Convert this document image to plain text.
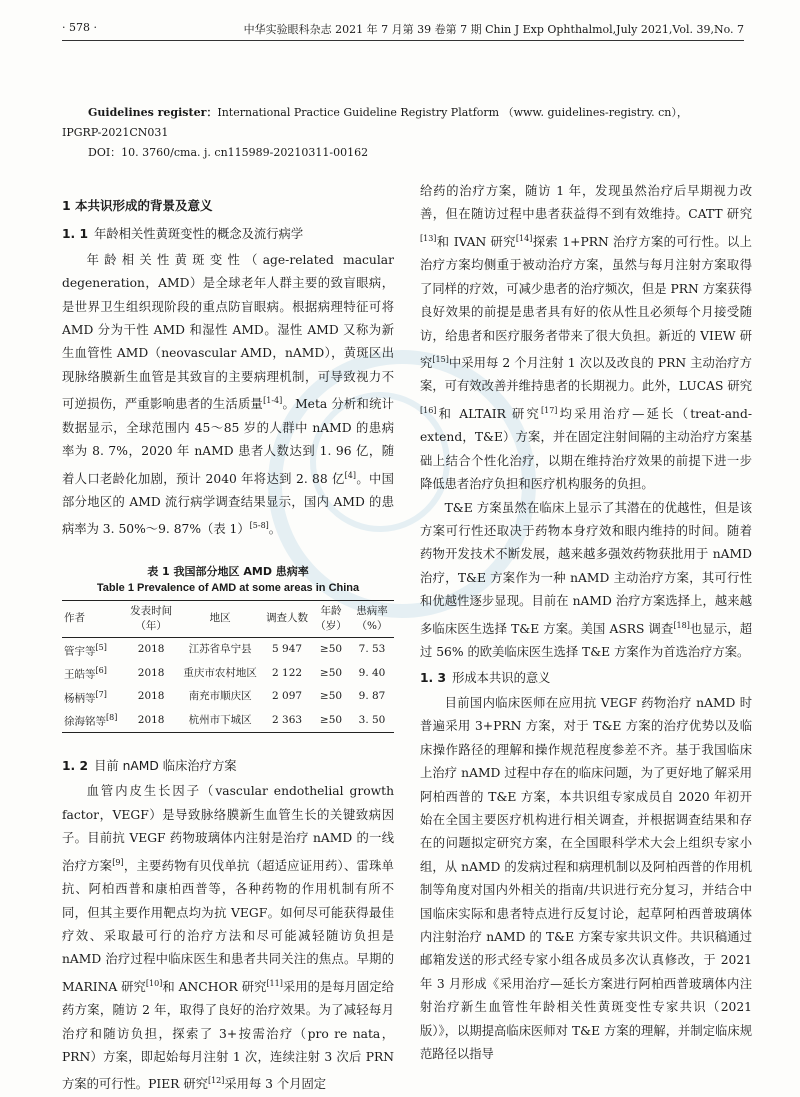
· 578 ·	中华实验眼科杂志 2021 年 7 月第 39 卷第 7 期 Chin J Exp Ophthalmol,July 2021,Vol. 39,No. 7
Guidelines register：International Practice Guideline Registry Platform （www. guidelines-registry. cn），
IPGRP-2021CN031
DOI：10. 3760/cma. j. cn115989-20210311-00162
1 本共识形成的背景及意义
1. 1 年龄相关性黄斑变性的概念及流行病学

年龄相关性黄斑变性（age-related macular degeneration，AMD）是全球老年人群主要的致盲眼病，是世界卫生组织现阶段的重点防盲眼病。根据病理特征可将 AMD 分为干性 AMD 和湿性 AMD。湿性 AMD 又称为新生血管性 AMD（neovascular AMD，nAMD），黄斑区出现脉络膜新生血管是其致盲的主要病理机制，可导致视力不可逆损伤，严重影响患者的生活质量[1-4]。Meta 分析和统计数据显示，全球范围内 45～85 岁的人群中 nAMD 的患病率为 8. 7%，2020 年 nAMD 患者人数达到 1. 96 亿，随着人口老龄化加剧，预计 2040 年将达到 2. 88 亿[4]。中国部分地区的 AMD 流行病学调查结果显示，国内 AMD 的患病率为 3. 50%～9. 87%（表 1）[5-8]。

表 1 我国部分地区 AMD 患病率
Table 1 Prevalence of AMD at some areas in China
作者	发表时间（年）	地区	调查人数	年龄（岁）	患病率（%）
管宇等[5]	2018	江苏省阜宁县	5 947	≥50	7. 53
王皓等[6]	2018	重庆市农村地区	2 122	≥50	9. 40
杨柄等[7]	2018	南充市顺庆区	2 097	≥50	9. 87
徐海铭等[8]	2018	杭州市下城区	2 363	≥50	3. 50
1. 2 目前 nAMD 临床治疗方案

血管内皮生长因子（vascular endothelial growth factor，VEGF）是导致脉络膜新生血管生长的关键致病因子。目前抗 VEGF 药物玻璃体内注射是治疗 nAMD 的一线治疗方案[9]，主要药物有贝伐单抗（超适应证用药）、雷珠单抗、阿柏西普和康柏西普等，各种药物的作用机制有所不同，但其主要作用靶点均为抗 VEGF。如何尽可能获得最佳疗效、采取最可行的治疗方法和尽可能减轻随访负担是 nAMD 治疗过程中临床医生和患者共同关注的焦点。早期的 MARINA 研究[10]和 ANCHOR 研究[11]采用的是每月固定给药方案，随访 2 年，取得了良好的治疗效果。为了减轻每月治疗和随访负担，探索了 3+按需治疗（pro re nata，PRN）方案，即起始每月注射 1 次，连续注射 3 次后 PRN 方案的可行性。PIER 研究[12]采用每 3 个月固定

给药的治疗方案，随访 1 年，发现虽然治疗后早期视力改善，但在随访过程中患者获益得不到有效维持。CATT 研究[13]和 IVAN 研究[14]探索 1+PRN 治疗方案的可行性。以上治疗方案均侧重于被动治疗方案，虽然与每月注射方案取得了同样的疗效，可减少患者的治疗频次，但是 PRN 方案获得良好效果的前提是患者具有好的依从性且必须每个月接受随访，给患者和医疗服务者带来了很大负担。新近的 VIEW 研究[15]中采用每 2 个月注射 1 次以及改良的 PRN 主动治疗方案，可有效改善并维持患者的长期视力。此外，LUCAS 研究[16]和 ALTAIR 研究[17]均采用治疗—延长（treat-and-extend，T&E）方案，并在固定注射间隔的主动治疗方案基础上结合个性化治疗，以期在维持治疗效果的前提下进一步降低患者治疗负担和医疗机构服务的负担。

T&E 方案虽然在临床上显示了其潜在的优越性，但是该方案可行性还取决于药物本身疗效和眼内维持的时间。随着药物开发技术不断发展，越来越多强效药物获批用于 nAMD 治疗，T&E 方案作为一种 nAMD 主动治疗方案，其可行性和优越性逐步显现。目前在 nAMD 治疗方案选择上，越来越多临床医生选择 T&E 方案。美国 ASRS 调查[18]也显示，超过 56% 的欧美临床医生选择 T&E 方案作为首选治疗方案。

1. 3 形成本共识的意义

目前国内临床医师在应用抗 VEGF 药物治疗 nAMD 时普遍采用 3+PRN 方案，对于 T&E 方案的治疗优势以及临床操作路径的理解和操作规范程度参差不齐。基于我国临床上治疗 nAMD 过程中存在的临床问题，为了更好地了解采用阿柏西普的 T&E 方案，本共识组专家成员自 2020 年初开始在全国主要医疗机构进行相关调查，并根据调查结果和存在的问题拟定研究方案，在全国眼科学术大会上组织专家小组，从 nAMD 的发病过程和病理机制以及阿柏西普的作用机制等角度对国内外相关的指南/共识进行充分复习，并结合中国临床实际和患者特点进行反复讨论，起草阿柏西普玻璃体内注射治疗 nAMD 的 T&E 方案专家共识文件。共识稿通过邮箱发送的形式经专家小组各成员多次认真修改，于 2021 年 3 月形成《采用治疗—延长方案进行阿柏西普玻璃体内注射治疗新生血管性年龄相关性黄斑变性专家共识（2021 版）》，以期提高临床医师对 T&E 方案的理解，并制定临床规范路径以指导
